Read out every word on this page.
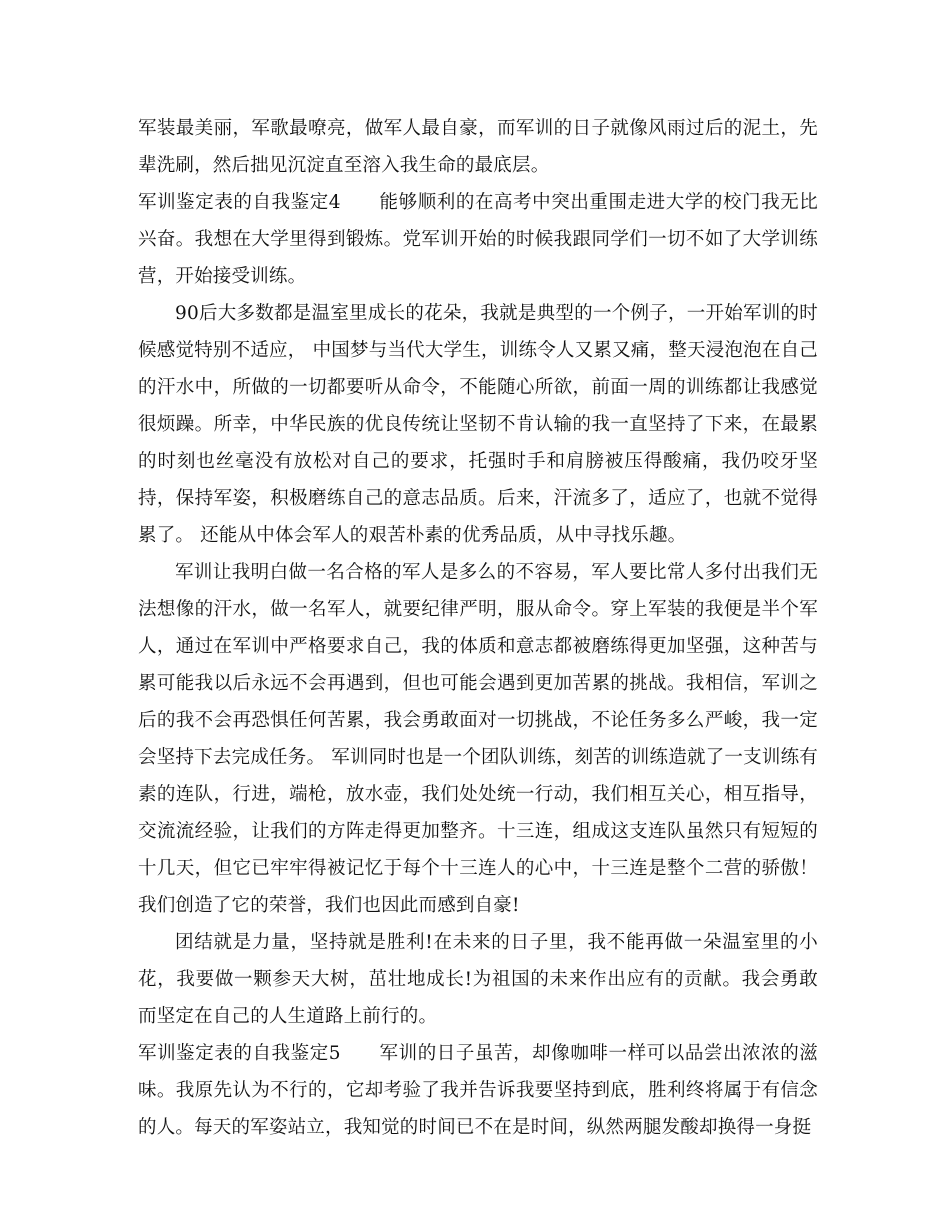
军装最美丽，军歌最嘹亮，做军人最自豪，而军训的日子就像风雨过后的泥土，先辈洗刷，然后拙见沉淀直至溶入我生命的最底层。

军训鉴定表的自我鉴定4 能够顺利的在高考中突出重围走进大学的校门我无比兴奋。我想在大学里得到锻炼。党军训开始的时候我跟同学们一切不如了大学训练营，开始接受训练。

90后大多数都是温室里成长的花朵，我就是典型的一个例子，一开始军训的时候感觉特别不适应， 中国梦与当代大学生，训练令人又累又痛，整天浸泡泡在自己的汗水中，所做的一切都要听从命令，不能随心所欲，前面一周的训练都让我感觉很烦躁。所幸，中华民族的优良传统让坚韧不肯认输的我一直坚持了下来，在最累的时刻也丝毫没有放松对自己的要求，托强时手和肩膀被压得酸痛，我仍咬牙坚持，保持军姿，积极磨练自己的意志品质。后来，汗流多了，适应了，也就不觉得累了。 还能从中体会军人的艰苦朴素的优秀品质，从中寻找乐趣。

军训让我明白做一名合格的军人是多么的不容易，军人要比常人多付出我们无法想像的汗水，做一名军人，就要纪律严明，服从命令。穿上军装的我便是半个军人，通过在军训中严格要求自己，我的体质和意志都被磨练得更加坚强，这种苦与累可能我以后永远不会再遇到，但也可能会遇到更加苦累的挑战。我相信，军训之后的我不会再恐惧任何苦累，我会勇敢面对一切挑战，不论任务多么严峻，我一定会坚持下去完成任务。 军训同时也是一个团队训练，刻苦的训练造就了一支训练有素的连队，行进，端枪，放水壶，我们处处统一行动，我们相互关心，相互指导，交流流经验，让我们的方阵走得更加整齐。十三连，组成这支连队虽然只有短短的十几天，但它已牢牢得被记忆于每个十三连人的心中，十三连是整个二营的骄傲！我们创造了它的荣誉，我们也因此而感到自豪!

团结就是力量，坚持就是胜利!在未来的日子里，我不能再做一朵温室里的小花，我要做一颗参天大树，茁壮地成长!为祖国的未来作出应有的贡献。我会勇敢而坚定在自己的人生道路上前行的。

军训鉴定表的自我鉴定5 军训的日子虽苦，却像咖啡一样可以品尝出浓浓的滋味。我原先认为不行的，它却考验了我并告诉我要坚持到底，胜利终将属于有信念的人。每天的军姿站立，我知觉的时间已不在是时间，纵然两腿发酸却换得一身挺
